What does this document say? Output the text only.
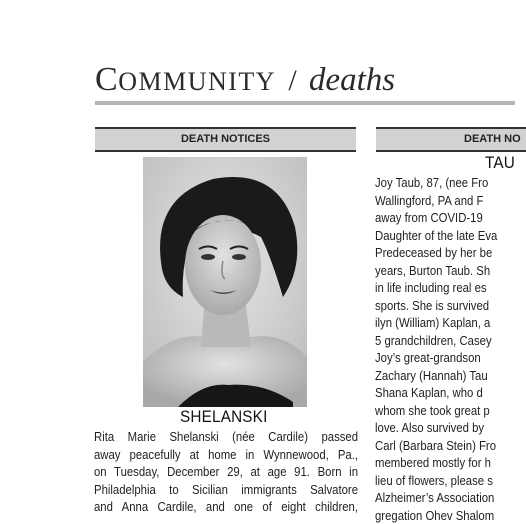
COMMUNITY / deaths
DEATH NOTICES	DEATH NO
SHELANSKI
TAU
Rita Marie Shelanski (née Cardile) passed
away peacefully at home in Wynnewood, Pa.,
on Tuesday, December 29, at age 91. Born in
Philadelphia to Sicilian immigrants Salvatore
and Anna Cardile, and one of eight children,
Joy Taub, 87, (nee Fro
Wallingford, PA and F
away from COVID-19
Daughter of the late Eva
Predeceased by her be
years, Burton Taub. Sh
in life including real es
sports. She is survived
ilyn (William) Kaplan, a
5 grandchildren, Casey
Joy’s great-grandson
Zachary (Hannah) Tau
Shana Kaplan, who d
whom she took great p
love. Also survived by
Carl (Barbara Stein) Fro
membered mostly for h
lieu of flowers, please s
Alzheimer’s Association
gregation Ohev Shalom
